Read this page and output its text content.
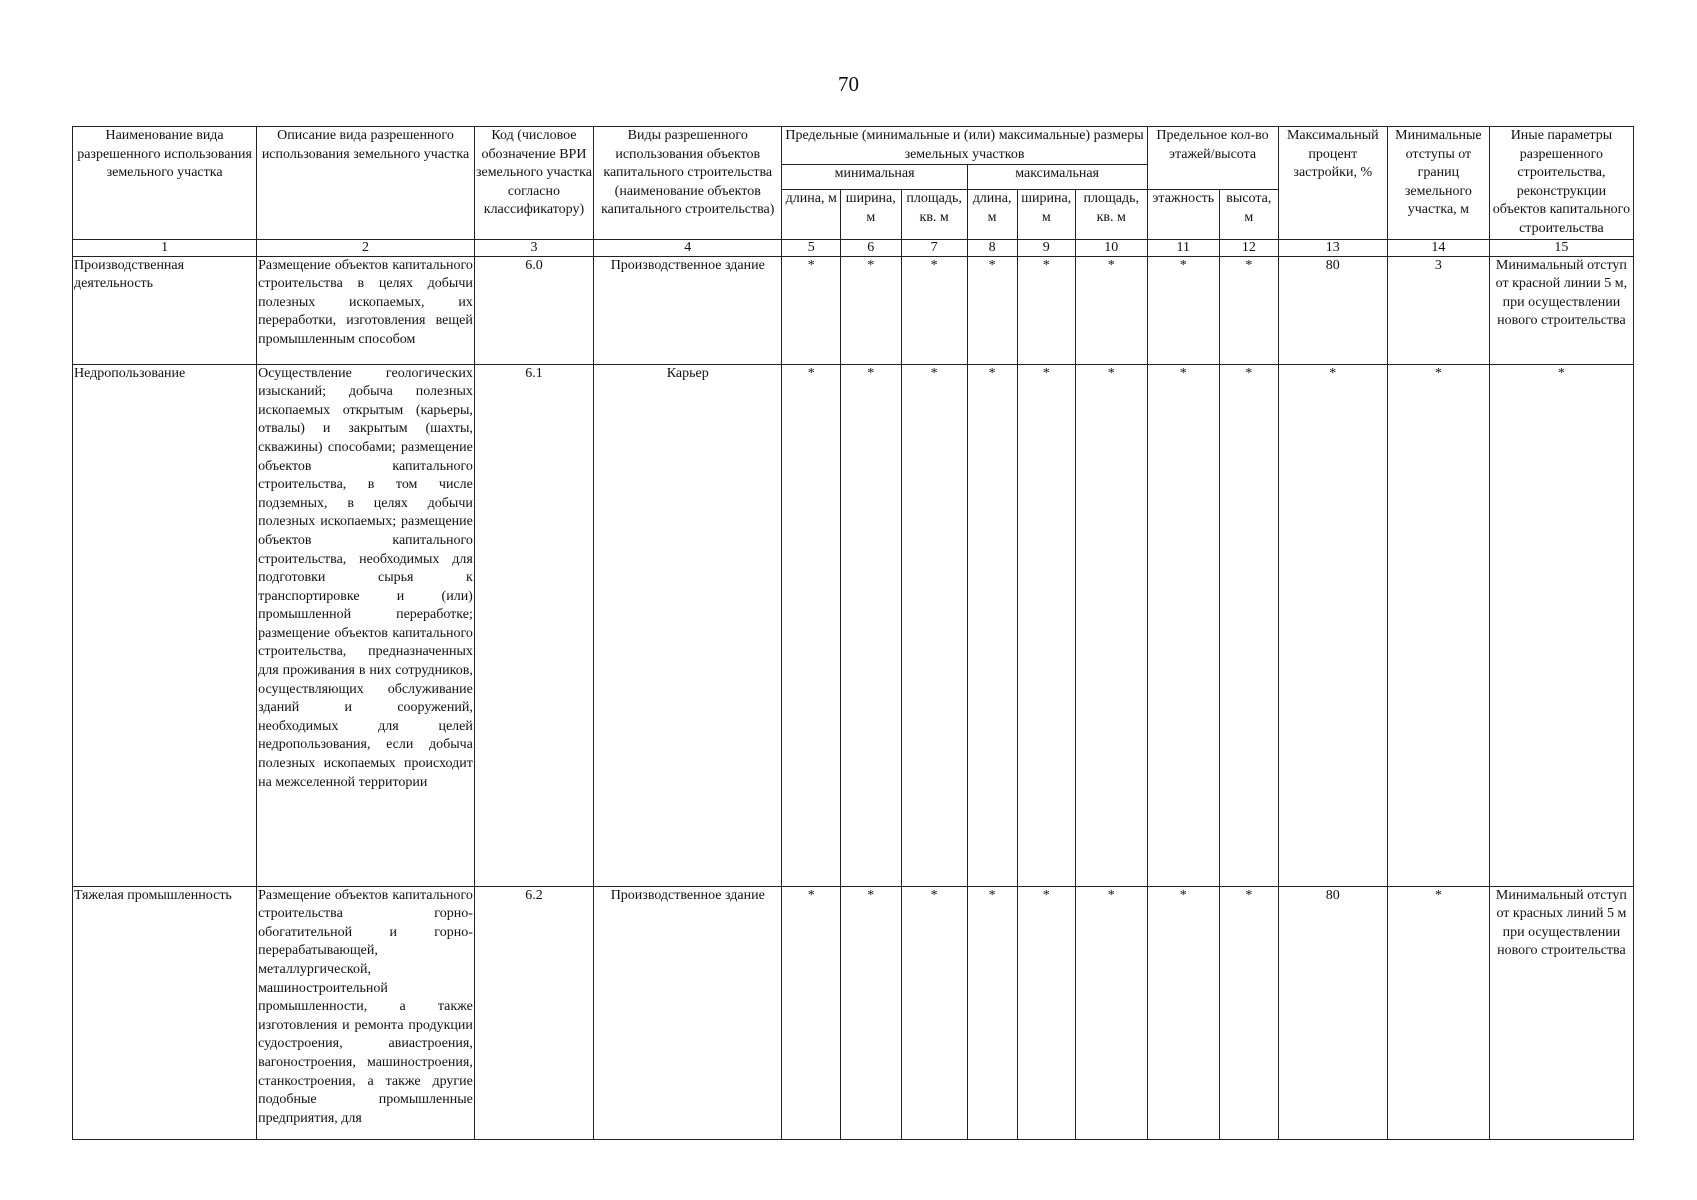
70
Наименование вида разрешенного использования земельного участка	Описание вида разрешенного использования земельного участка	Код (числовое обозначение ВРИ земельного участка согласно классификатору)	Виды разрешенного использования объектов капитального строительства (наименование объектов капитального строительства)	Предельные (минимальные и (или) максимальные) размеры земельных участков						Предельное кол-во этажей/высота		Максимальный процент застройки, %	Минимальные отступы от границ земельного участка, м	Иные параметры разрешенного строительства, реконструкции объектов капитального строительства
				минимальная			максимальная							
				длина, м	ширина, м	площадь, кв. м	длина, м	ширина, м	площадь, кв. м	этажность	высота, м			
1	2	3	4	5	6	7	8	9	10	11	12	13	14	15
Производственная деятельность	Размещение объектов капитального строительства в целях добычи полезных ископаемых, их переработки, изготовления вещей промышленным способом	6.0	Производственное здание	*	*	*	*	*	*	*	*	80	3	Минимальный отступ от красной линии 5 м, при осуществлении нового строительства
Недропользование	Осуществление геологических изысканий; добыча полезных ископаемых открытым (карьеры, отвалы) и закрытым (шахты, скважины) способами; размещение объектов капитального строительства, в том числе подземных, в целях добычи полезных ископаемых; размещение объектов капитального строительства, необходимых для подготовки сырья к транспортировке и (или) промышленной переработке; размещение объектов капитального строительства, предназначенных для проживания в них сотрудников, осуществляющих обслуживание зданий и сооружений, необходимых для целей недропользования, если добыча полезных ископаемых происходит на межселенной территории	6.1	Карьер	*	*	*	*	*	*	*	*	*	*	*
Тяжелая промышленность	Размещение объектов капитального строительства горно-обогатительной и горно-перерабатывающей, металлургической, машиностроительной промышленности, а также изготовления и ремонта продукции судостроения, авиастроения, вагоностроения, машиностроения, станкостроения, а также другие подобные промышленные предприятия, для	6.2	Производственное здание	*	*	*	*	*	*	*	*	80	*	Минимальный отступ от красных линий 5 м при осуществлении нового строительства
